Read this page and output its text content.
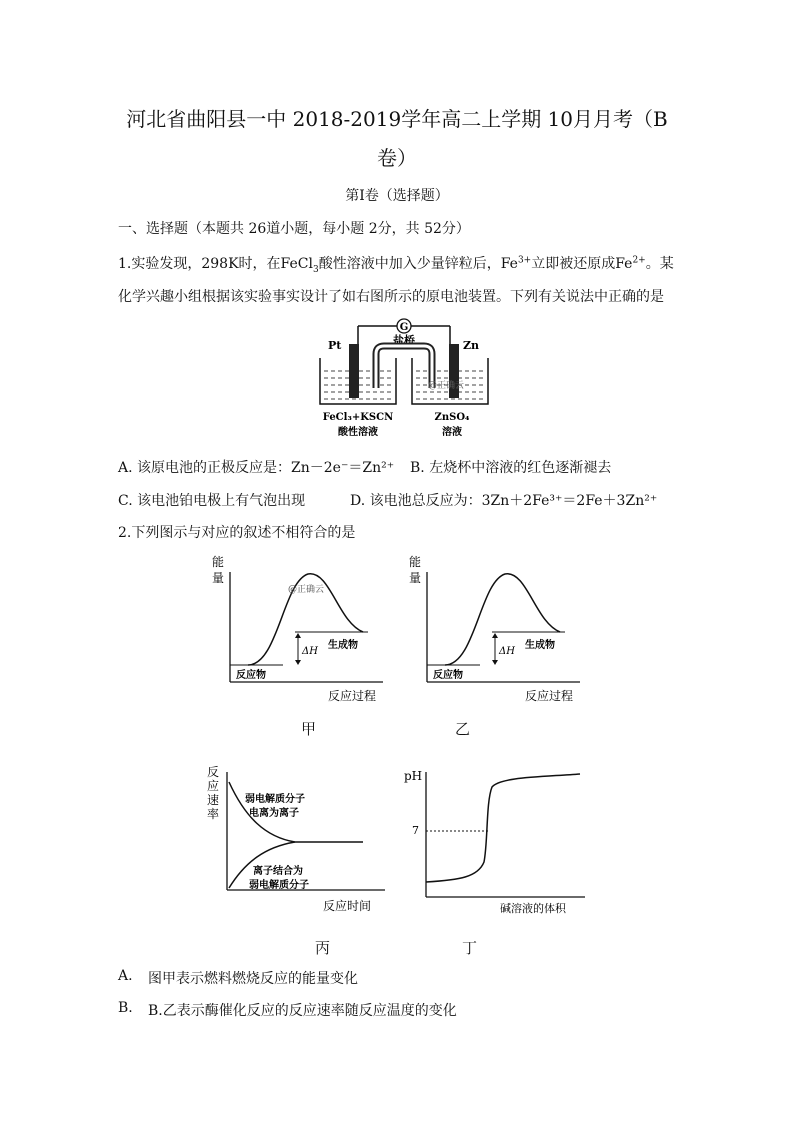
河北省曲阳县一中 2018-2019学年高二上学期 10月月考（B
卷）
第Ⅰ卷（选择题）
一、选择题（本题共 26道小题，每小题 2分，共 52分）
1.实验发现，298K时，在FeCl$_3$酸性溶液中加入少量锌粒后，$Fe^{3+}$立即被还原成$Fe^{2+}$。某
化学兴趣小组根据该实验事实设计了如右图所示的原电池装置。下列有关说法中正确的是
G
盐桥
Pt	Zn
@正确云
FeCl₃+KSCN
酸性溶液
ZnSO₄
溶液
A. 该原电池的正极反应是：Zn－2e⁻＝Zn²⁺ B. 左烧杯中溶液的红色逐渐褪去
C. 该电池铂电极上有气泡出现	D. 该电池总反应为：3Zn＋2Fe³⁺＝2Fe＋3Zn²⁺
2.下列图示与对应的叙述不相符合的是
能
量
ΔH
生成物
反应物
@正确云
反应过程
甲
能
量
ΔH
生成物
反应物
反应过程
乙
反
应
速
率
弱电解质分子
电离为离子
离子结合为
弱电解质分子
反应时间
丙
pH
7
碱溶液的体积
丁
A. 图甲表示燃料燃烧反应的能量变化
B. B.乙表示酶催化反应的反应速率随反应温度的变化
